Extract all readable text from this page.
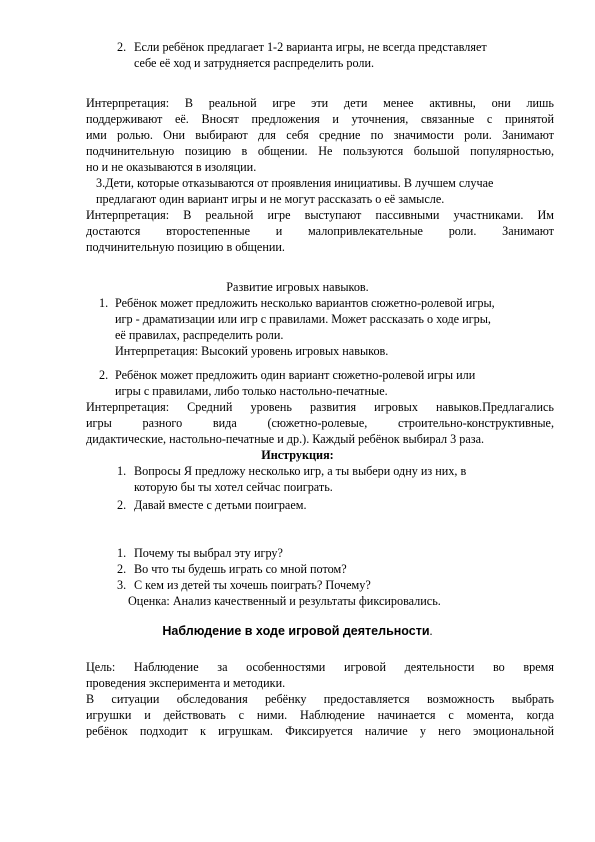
2. Если ребёнок предлагает 1-2 варианта игры, не всегда представляет
себе её ход и затрудняется распределить роли.
Интерпретация: В реальной игре эти дети менее активны, они лишь
поддерживают её. Вносят предложения и уточнения, связанные с принятой
ими ролью. Они выбирают для себя средние по значимости роли. Занимают
подчинительную позицию в общении. Не пользуются большой популярностью,
но и не оказываются в изоляции.
3.Дети, которые отказываются от проявления инициативы. В лучшем случае
предлагают один вариант игры и не могут рассказать о её замысле.
Интерпретация: В реальной игре выступают пассивными участниками. Им
достаются второстепенные и малопривлекательные роли. Занимают
подчинительную позицию в общении.
Развитие игровых навыков.
1. Ребёнок может предложить несколько вариантов сюжетно-ролевой игры,
игр - драматизации или игр с правилами. Может рассказать о ходе игры,
её правилах, распределить роли.
Интерпретация: Высокий уровень игровых навыков.
2. Ребёнок может предложить один вариант сюжетно-ролевой игры или
игры с правилами, либо только настольно-печатные.
Интерпретация: Средний уровень развития игровых навыков.Предлагались
игры разного вида (сюжетно-ролевые, строительно-конструктивные,
дидактические, настольно-печатные и др.). Каждый ребёнок выбирал 3 раза.
Инструкция:
1. Вопросы Я предложу несколько игр, а ты выбери одну из них, в
которую бы ты хотел сейчас поиграть.
2. Давай вместе с детьми поиграем.
1. Почему ты выбрал эту игру?
2. Во что ты будешь играть со мной потом?
3. С кем из детей ты хочешь поиграть? Почему?
Оценка: Анализ качественный и результаты фиксировались.
Наблюдение в ходе игровой деятельности.
Цель: Наблюдение за особенностями игровой деятельности во время
проведения эксперимента и методики.
В ситуации обследования ребёнку предоставляется возможность выбрать
игрушки и действовать с ними. Наблюдение начинается с момента, когда
ребёнок подходит к игрушкам. Фиксируется наличие у него эмоциональной
